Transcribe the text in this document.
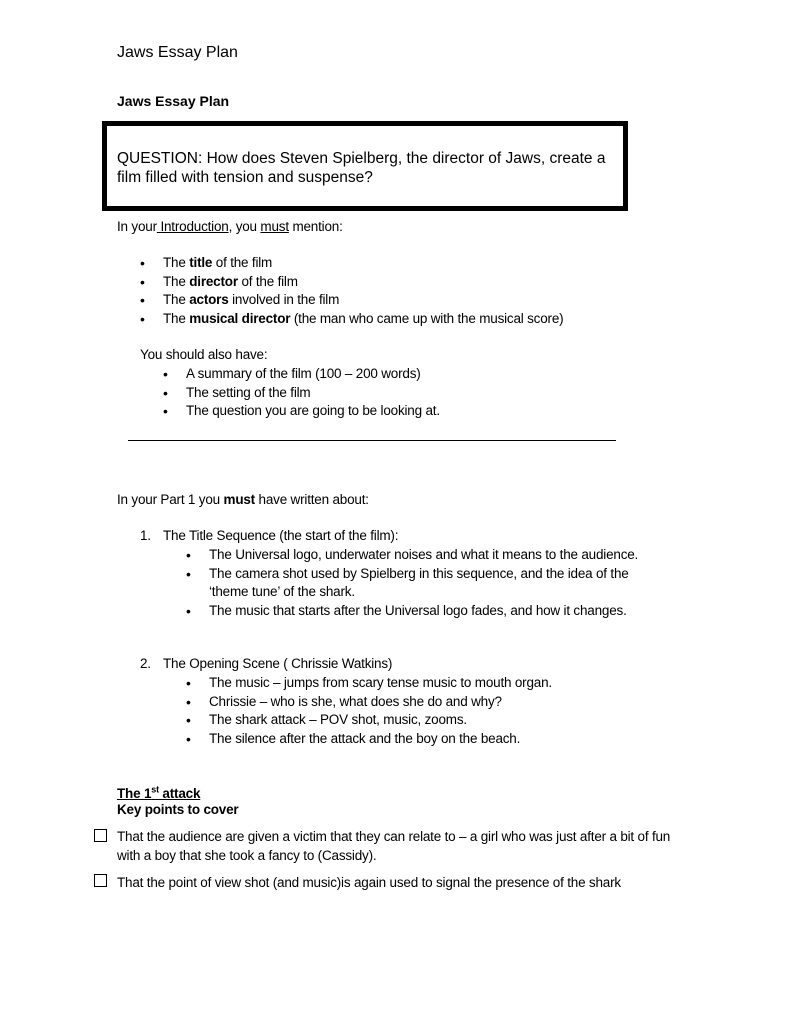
Jaws Essay Plan
Jaws Essay Plan
QUESTION: How does Steven Spielberg, the director of Jaws, create a film filled with tension and suspense?
In your Introduction, you must mention:
• The title of the film
• The director of the film
• The actors involved in the film
• The musical director (the man who came up with the musical score)
You should also have:
• A summary of the film (100 – 200 words)
• The setting of the film
• The question you are going to be looking at.
In your Part 1 you must have written about:
1. The Title Sequence (the start of the film):
• The Universal logo, underwater noises and what it means to the audience.
• The camera shot used by Spielberg in this sequence, and the idea of the ‘theme tune’ of the shark.
• The music that starts after the Universal logo fades, and how it changes.
2. The Opening Scene ( Chrissie Watkins)
• The music – jumps from scary tense music to mouth organ.
• Chrissie – who is she, what does she do and why?
• The shark attack – POV shot, music, zooms.
• The silence after the attack and the boy on the beach.
The 1st attack
Key points to cover
That the audience are given a victim that they can relate to – a girl who was just after a bit of fun with a boy that she took a fancy to (Cassidy).
That the point of view shot (and music)is again used to signal the presence of the shark
